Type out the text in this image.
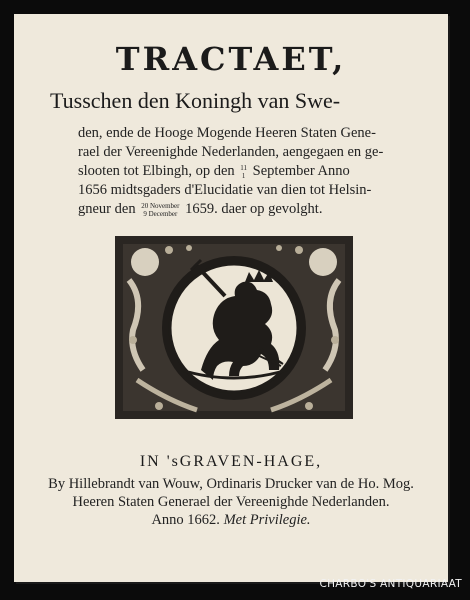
TRACTAET,
Tusschen den Koningh van Swe-
den, ende de Hooge Mogende Heeren Staten Gene-
rael der Vereenighde Nederlanden, aengegaen en ge-
slooten tot Elbingh, op den 11
1 September Anno
1656 midtsgaders d'Elucidatie van dien tot Helsin-
gneur den 20 November
9 December 1659. daer op gevolght.
IN 'sGRAVEN-HAGE,
By Hillebrandt van Wouw, Ordinaris Drucker van de Ho. Mog.
Heeren Staten Generael der Vereenighde Nederlanden.
Anno 1662. Met Privilegie.
CHARBO'S ANTIQUARIAAT
